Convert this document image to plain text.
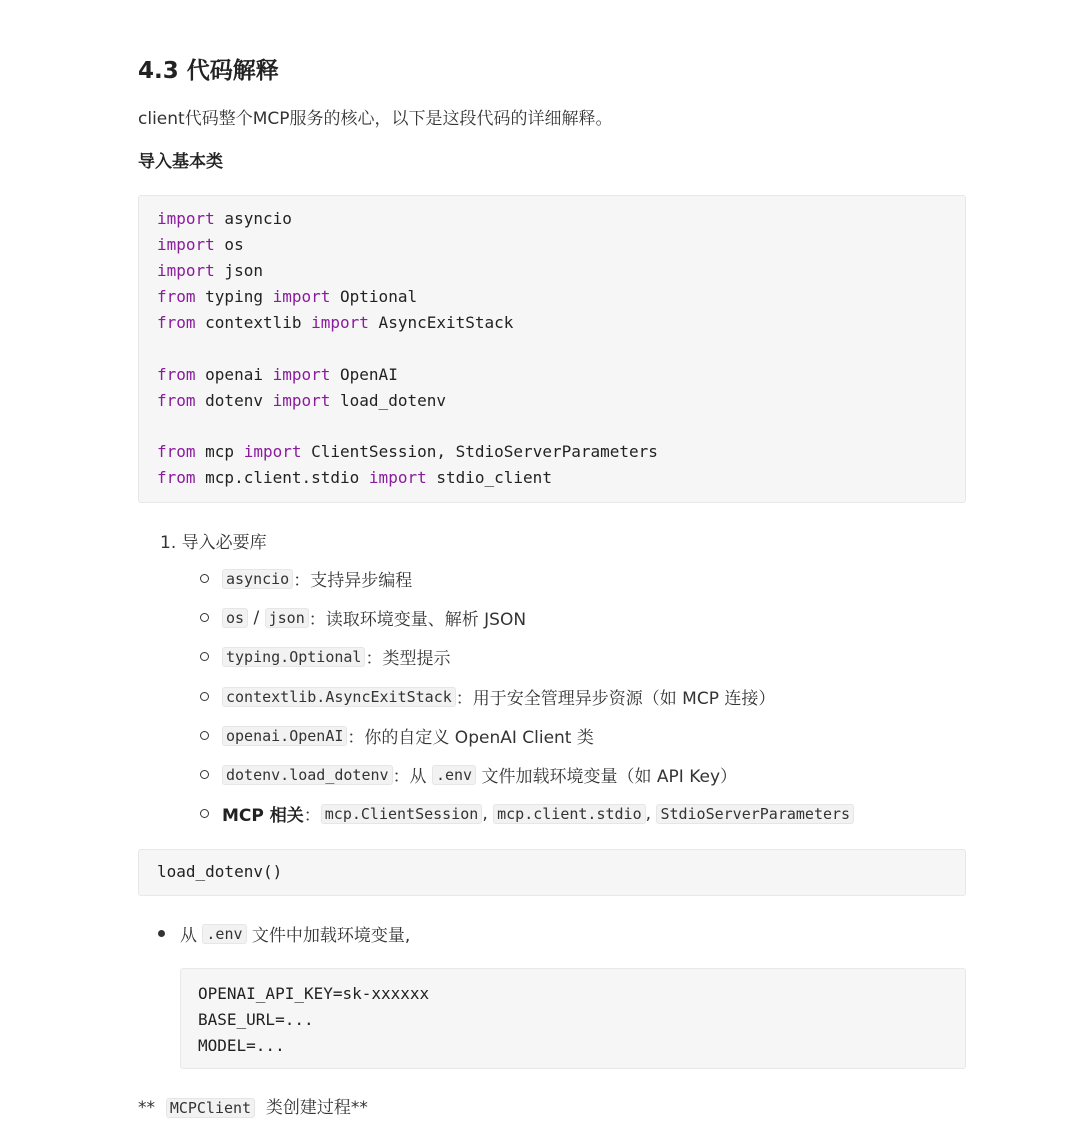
4.3 代码解释

client代码整个MCP服务的核心，以下是这段代码的详细解释。

导入基本类

import asyncio
import os
import json
from typing import Optional
from contextlib import AsyncExitStack
from openai import OpenAI
from dotenv import load_dotenv
from mcp import ClientSession, StdioServerParameters
from mcp.client.stdio import stdio_client
1. 导入必要库
asyncio ：支持异步编程
os / json ：读取环境变量、解析 JSON
typing.Optional ：类型提示
contextlib.AsyncExitStack ：用于安全管理异步资源（如 MCP 连接）
openai.OpenAI ：你的自定义 OpenAI Client 类
dotenv.load_dotenv ：从 .env 文件加载环境变量（如 API Key）
MCP 相关 ： mcp.ClientSession , mcp.client.stdio , StdioServerParameters
load_dotenv()
从 .env 文件中加载环境变量,
OPENAI_API_KEY=sk-xxxxxx
BASE_URL=...
MODEL=...
**  MCPClient  类创建过程**
